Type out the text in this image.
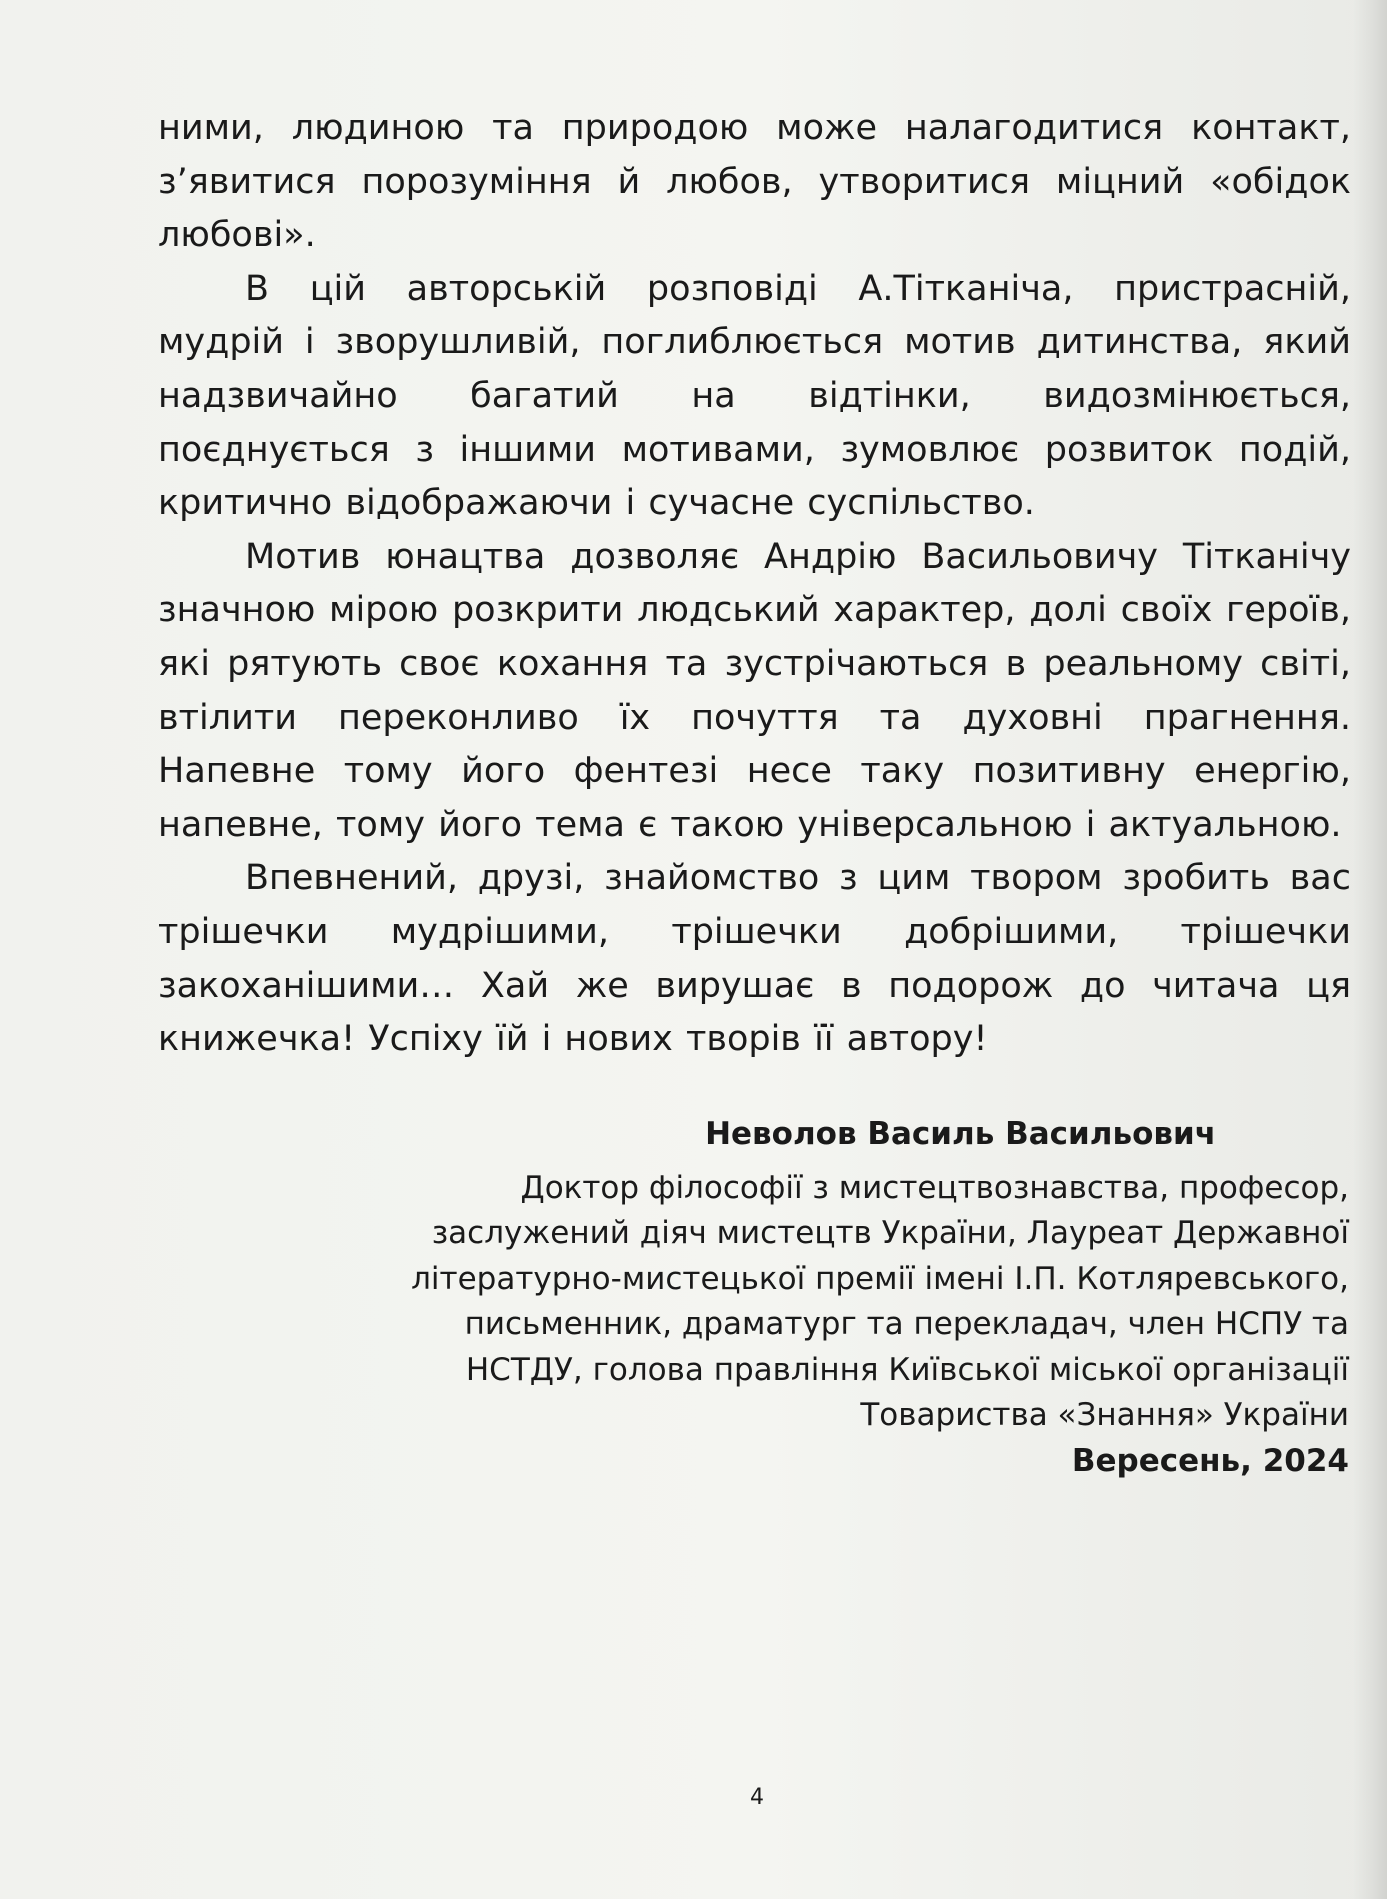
ними, людиною та природою може налагодитися контакт, з’явитися порозуміння й любов, утворитися міцний «обідок любові».

В цій авторській розповіді А.Тітканіча, пристрасній, мудрій і зворушливій, поглиблюється мотив дитинства, який надзвичайно багатий на відтінки, видозмінюється, поєднується з іншими мотивами, зумовлює розвиток подій, критично відображаючи і сучасне суспільство.

Мотив юнацтва дозволяє Андрію Васильовичу Тітканічу значною мірою розкрити людський характер, долі своїх героїв, які рятують своє кохання та зустрічаються в реальному світі, втілити переконливо їх почуття та духовні прагнення. Напевне тому його фентезі несе таку позитивну енергію, напевне, тому його тема є такою універсальною і актуальною.

Впевнений, друзі, знайомство з цим твором зробить вас трішечки мудрішими, трішечки добрішими, трішечки закоханішими… Хай же вирушає в подорож до читача ця книжечка! Успіху їй і нових творів її автору!

Неволов Василь Васильович
Доктор філософії з мистецтвознавства, професор,
заслужений діяч мистецтв України, Лауреат Державної
літературно-мистецької премії імені І.П. Котляревського,
письменник, драматург та перекладач, член НСПУ та
НСТДУ, голова правління Київської міської організації
Товариства «Знання» України
Вересень, 2024
4
